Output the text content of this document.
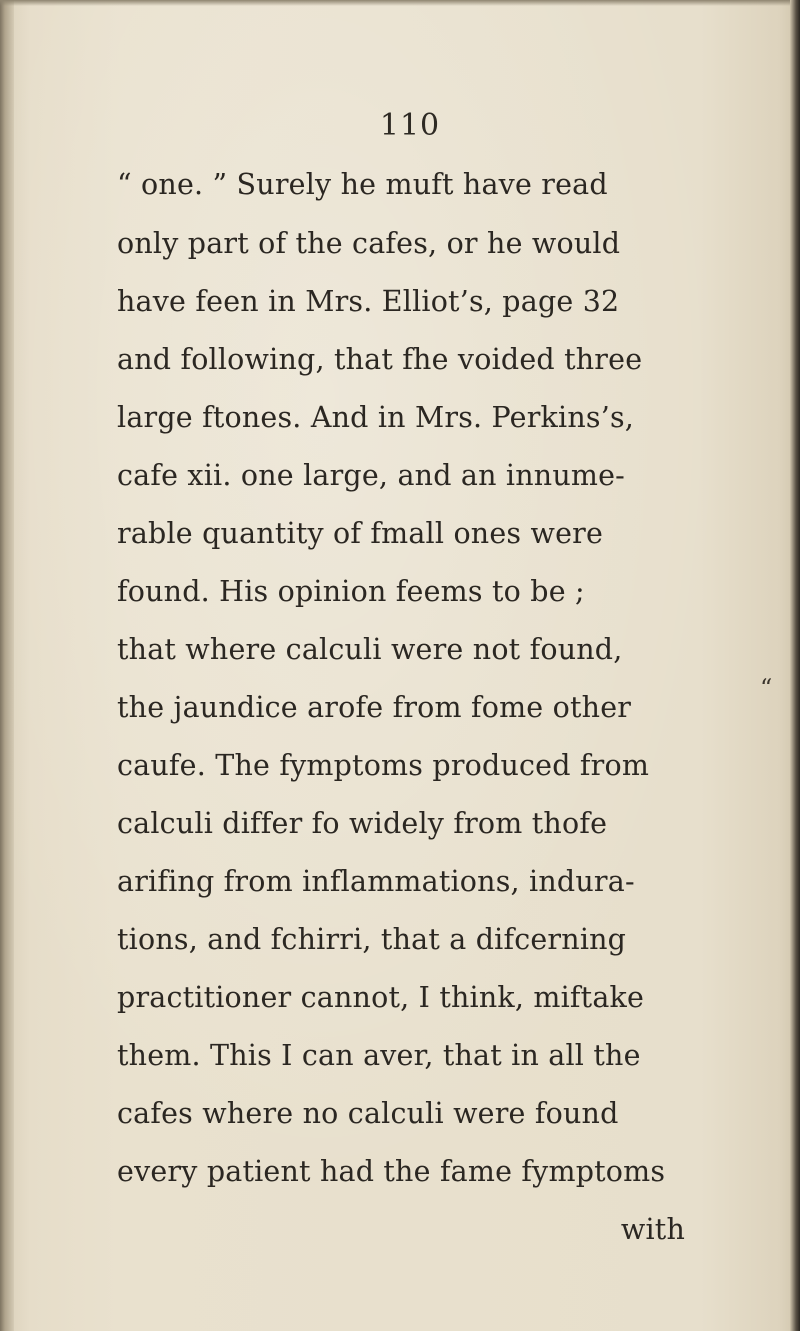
110
“ one. ” Surely he muft have read
only part of the cafes, or he would
have feen in Mrs. Elliot’s, page 32
and following, that fhe voided three
large ftones. And in Mrs. Perkins’s,
cafe xii. one large, and an innume-
rable quantity of fmall ones were
found. His opinion feems to be ;
that where calculi were not found,
the jaundice arofe from fome other
caufe. The fymptoms produced from
calculi differ fo widely from thofe
arifing from inflammations, indura-
tions, and fchirri, that a difcerning
practitioner cannot, I think, miftake
them. This I can aver, that in all the
cafes where no calculi were found
every patient had the fame fymptoms
with
“
